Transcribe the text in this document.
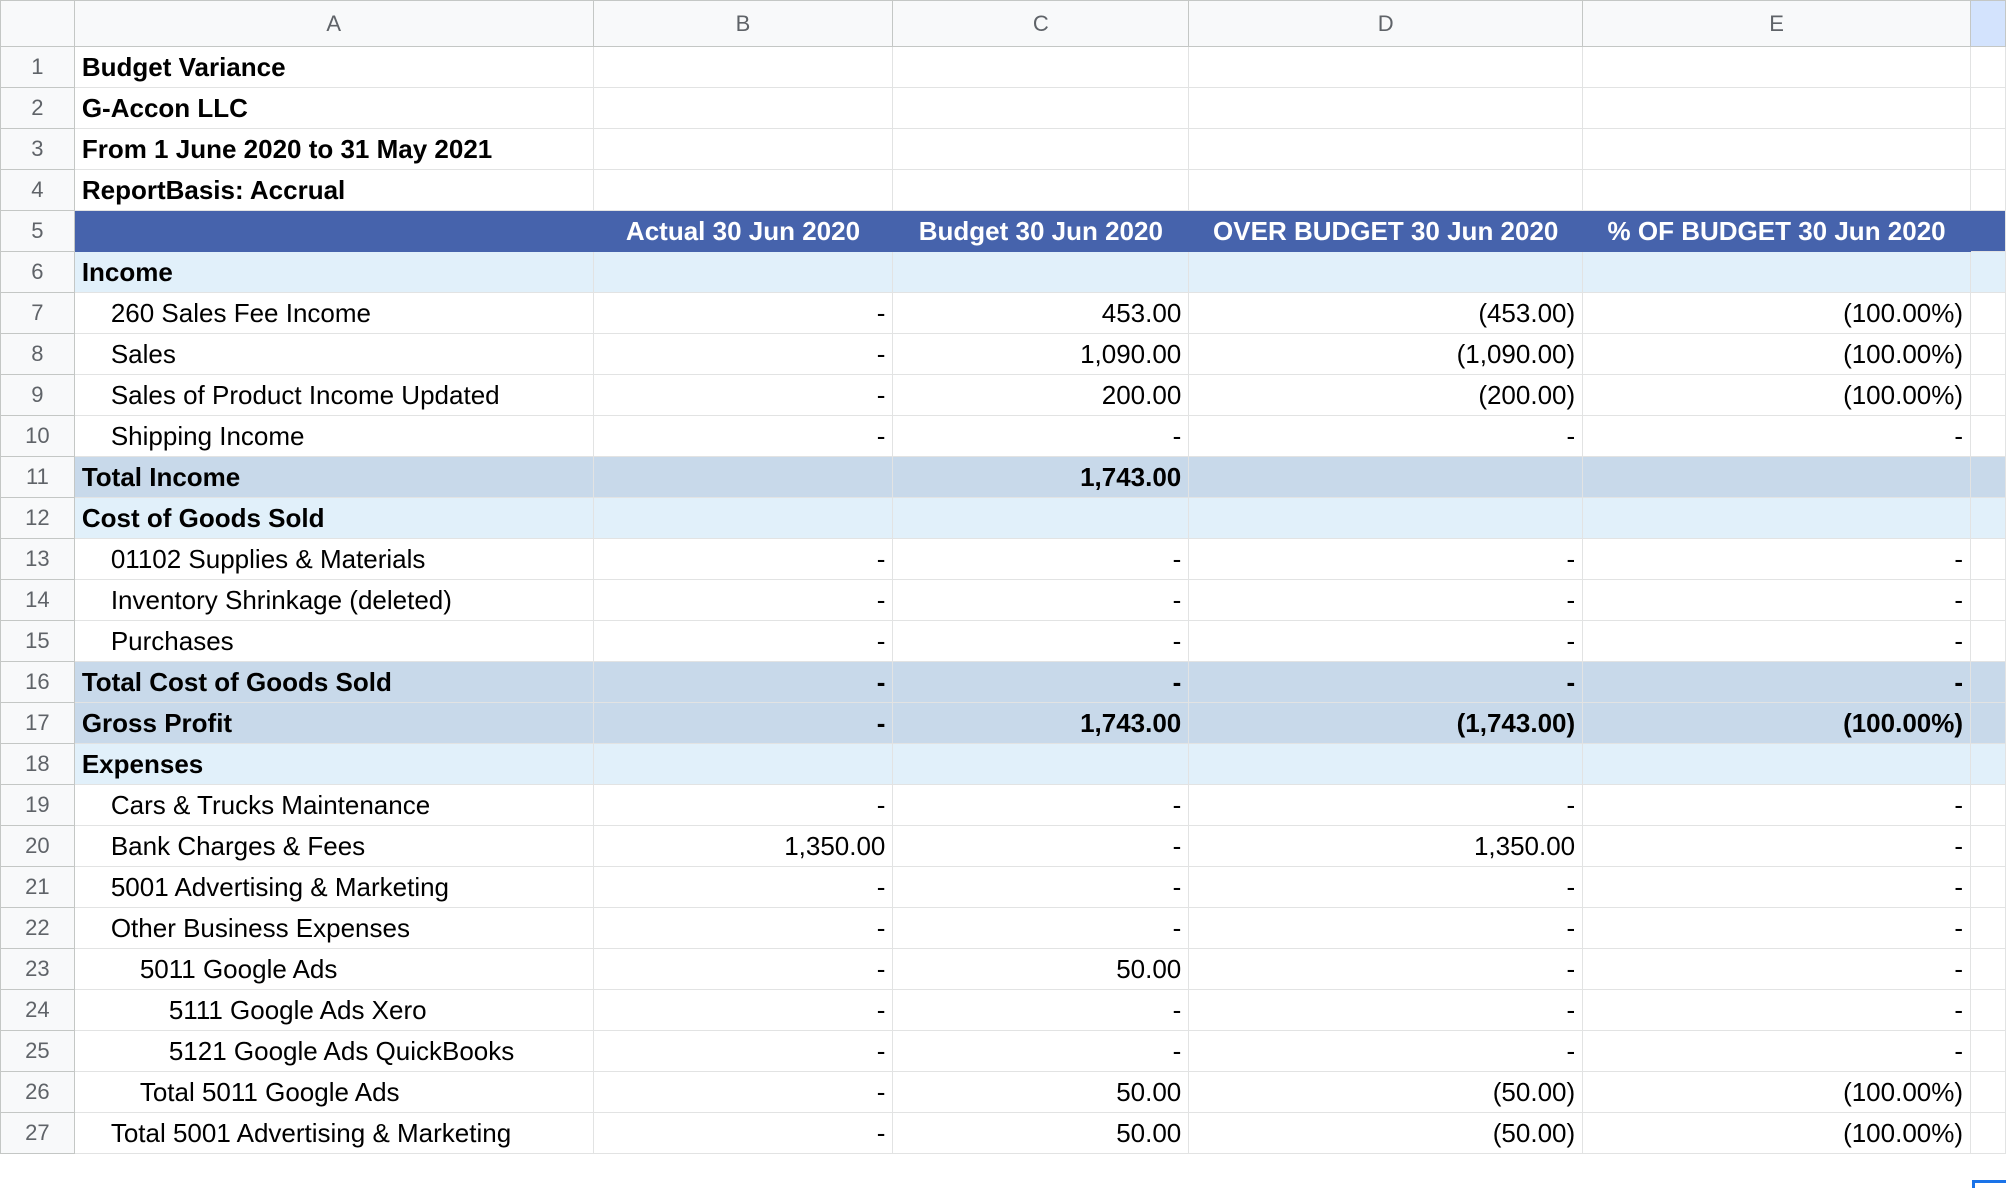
	A	B	C	D	E	
1	Budget Variance					
2	G-Accon LLC					
3	From 1 June 2020 to 31 May 2021					
4	ReportBasis: Accrual					
5		Actual 30 Jun 2020	Budget 30 Jun 2020	OVER BUDGET 30 Jun 2020	% OF BUDGET 30 Jun 2020	
6	Income					
7	260 Sales Fee Income	-	453.00	(453.00)	(100.00%)	
8	Sales	-	1,090.00	(1,090.00)	(100.00%)	
9	Sales of Product Income Updated	-	200.00	(200.00)	(100.00%)	
10	Shipping Income	-	-	-	-	
11	Total Income		1,743.00			
12	Cost of Goods Sold					
13	01102 Supplies & Materials	-	-	-	-	
14	Inventory Shrinkage (deleted)	-	-	-	-	
15	Purchases	-	-	-	-	
16	Total Cost of Goods Sold	-	-	-	-	
17	Gross Profit	-	1,743.00	(1,743.00)	(100.00%)	
18	Expenses					
19	Cars & Trucks Maintenance	-	-	-	-	
20	Bank Charges & Fees	1,350.00	-	1,350.00	-	
21	5001 Advertising & Marketing	-	-	-	-	
22	Other Business Expenses	-	-	-	-	
23	5011 Google Ads	-	50.00	-	-	
24	5111 Google Ads Xero	-	-	-	-	
25	5121 Google Ads QuickBooks	-	-	-	-	
26	Total 5011 Google Ads	-	50.00	(50.00)	(100.00%)	
27	Total 5001 Advertising & Marketing	-	50.00	(50.00)	(100.00%)	
